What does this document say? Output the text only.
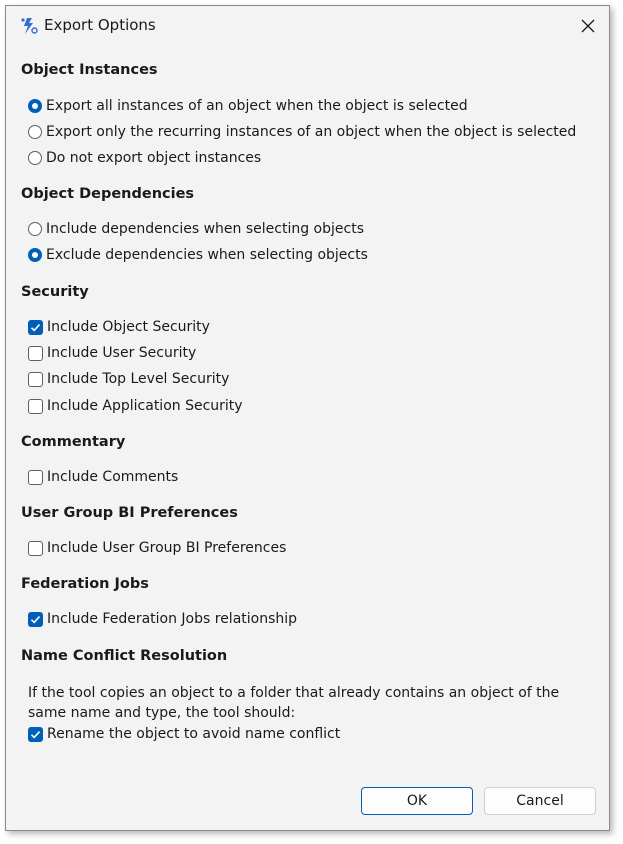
Export Options
Object Instances
Export all instances of an object when the object is selected
Export only the recurring instances of an object when the object is selected
Do not export object instances
Object Dependencies
Include dependencies when selecting objects
Exclude dependencies when selecting objects
Security
Include Object Security
Include User Security
Include Top Level Security
Include Application Security
Commentary
Include Comments
User Group BI Preferences
Include User Group BI Preferences
Federation Jobs
Include Federation Jobs relationship
Name Conflict Resolution
If the tool copies an object to a folder that already contains an object of the same name and type, the tool should:
Rename the object to avoid name conflict
OK	Cancel
